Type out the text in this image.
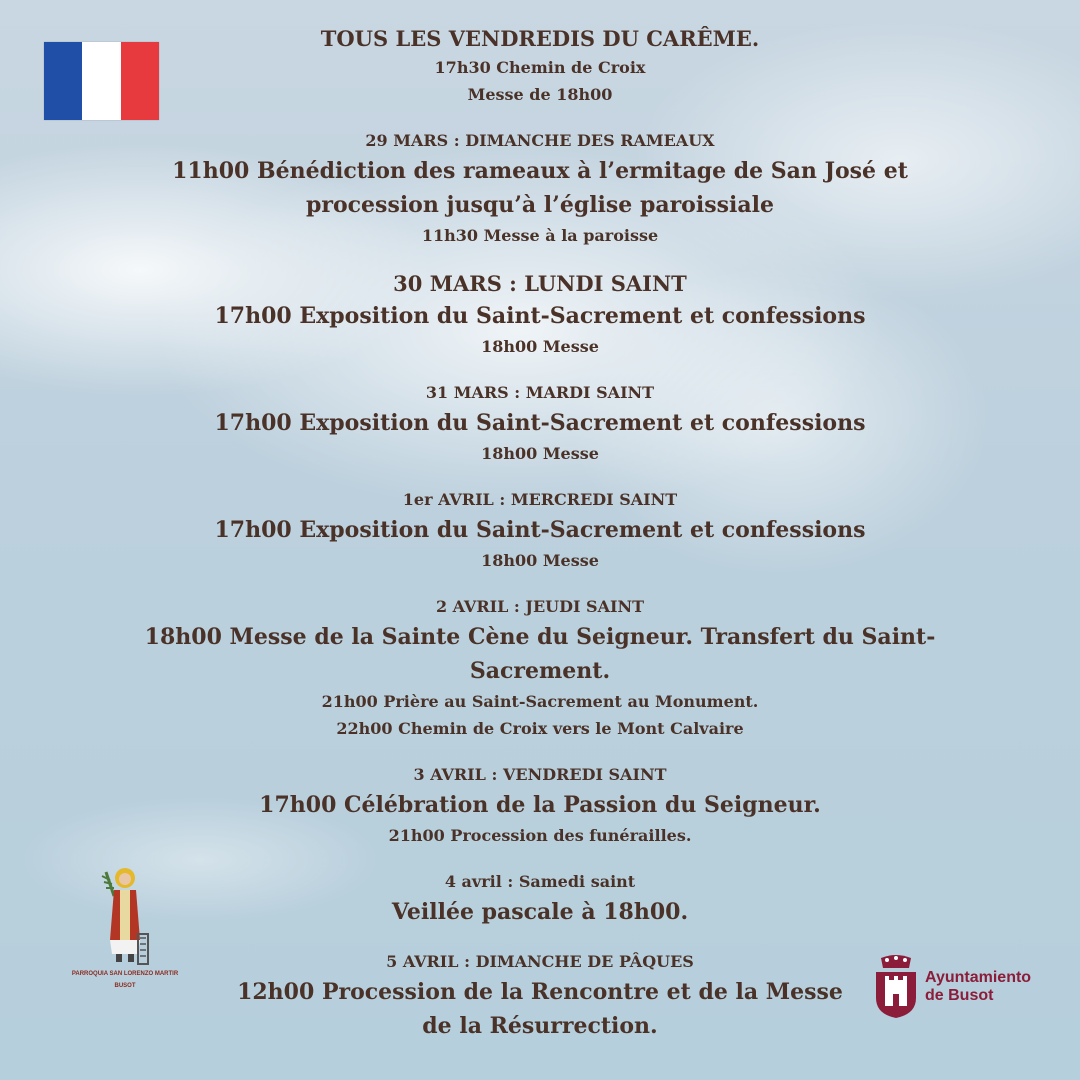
TOUS LES VENDREDIS DU CARÊME.

17h30 Chemin de Croix

Messe de 18h00

29 MARS : DIMANCHE DES RAMEAUX

11h00 Bénédiction des rameaux à l’ermitage de San José et procession jusqu’à l’église paroissiale

11h30 Messe à la paroisse

30 MARS : LUNDI SAINT

17h00 Exposition du Saint-Sacrement et confessions

18h00 Messe

31 MARS : MARDI SAINT

17h00 Exposition du Saint-Sacrement et confessions

18h00 Messe

1er AVRIL : MERCREDI SAINT

17h00 Exposition du Saint-Sacrement et confessions

18h00 Messe

2 AVRIL : JEUDI SAINT

18h00 Messe de la Sainte Cène du Seigneur. Transfert du Saint-Sacrement.

21h00 Prière au Saint-Sacrement au Monument.

22h00 Chemin de Croix vers le Mont Calvaire

3 AVRIL : VENDREDI SAINT

17h00 Célébration de la Passion du Seigneur.

21h00 Procession des funérailles.

4 avril : Samedi saint

Veillée pascale à 18h00.

5 AVRIL : DIMANCHE DE PÂQUES

12h00 Procession de la Rencontre et de la Messe de la Résurrection.

PARROQUIA SAN LORENZO MARTIR
BUSOT	Ayuntamiento
de Busot
